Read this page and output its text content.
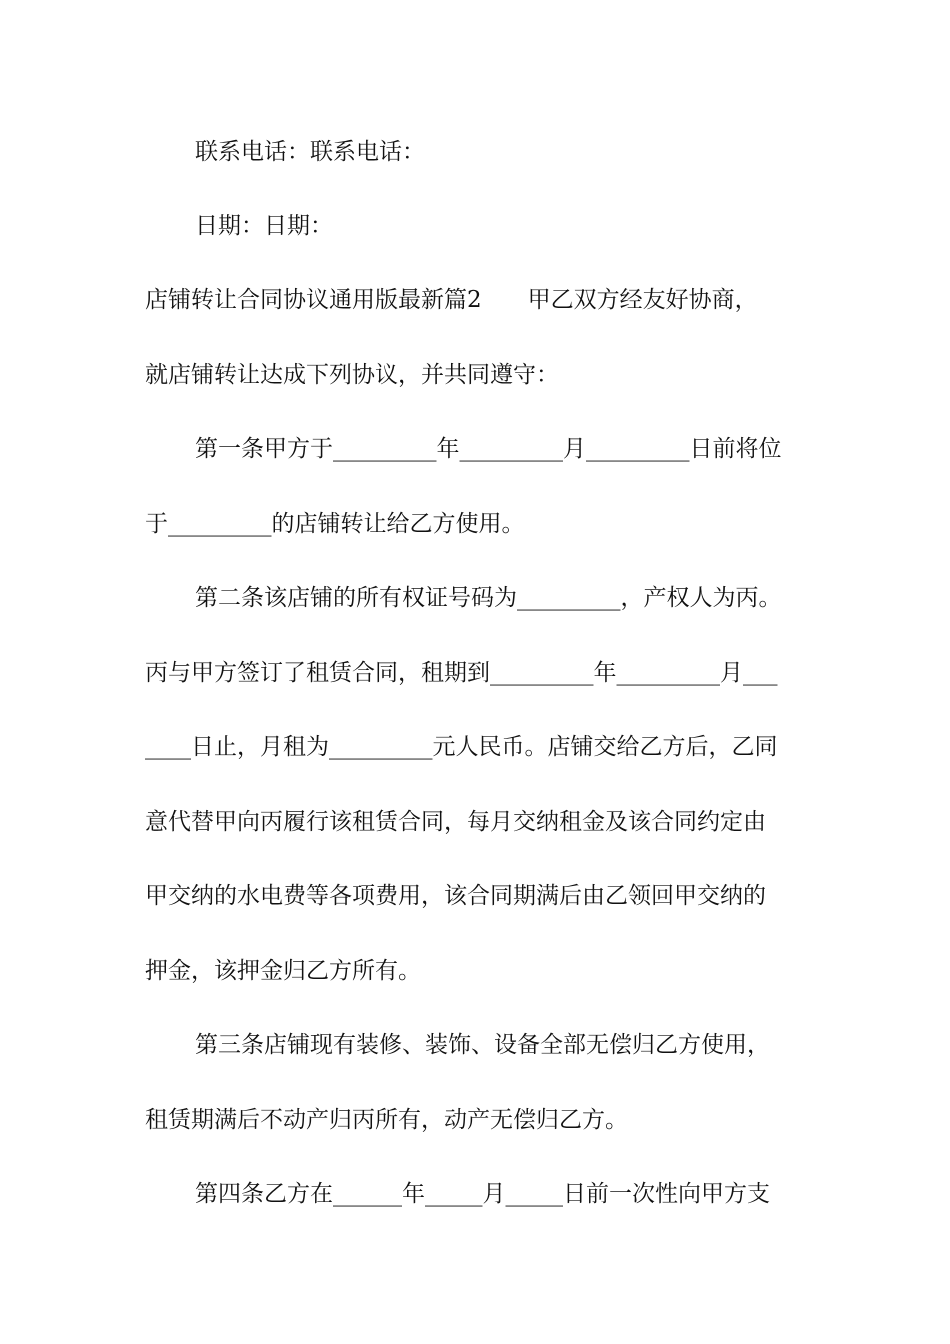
联系电话：联系电话：

日期：日期：

店铺转让合同协议通用版最新篇2　　甲乙双方经友好协商，

就店铺转让达成下列协议，并共同遵守：

第一条甲方于_________年_________月_________日前将位

于_________的店铺转让给乙方使用。

第二条该店铺的所有权证号码为_________，产权人为丙。

丙与甲方签订了租赁合同，租期到_________年_________月___

____日止，月租为_________元人民币。店铺交给乙方后，乙同

意代替甲向丙履行该租赁合同，每月交纳租金及该合同约定由

甲交纳的水电费等各项费用，该合同期满后由乙领回甲交纳的

押金，该押金归乙方所有。

第三条店铺现有装修、装饰、设备全部无偿归乙方使用，

租赁期满后不动产归丙所有，动产无偿归乙方。

第四条乙方在______年_____月_____日前一次性向甲方支
